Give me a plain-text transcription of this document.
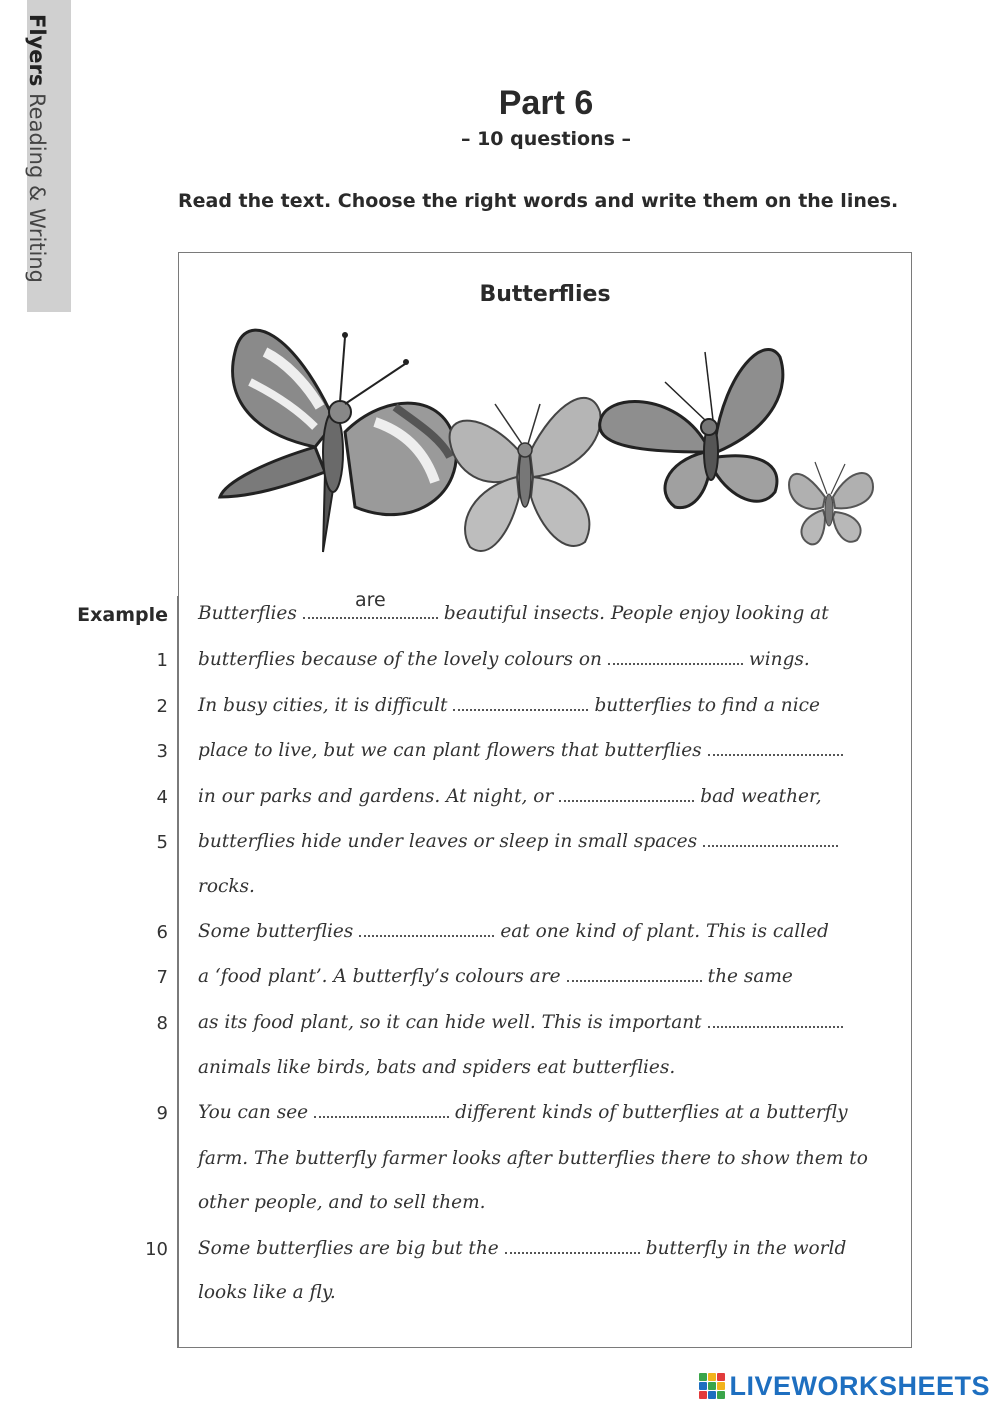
Flyers Reading & Writing	Part 6
– 10 questions –
Read the text. Choose the right words and write them on the lines.
Butterflies
Example Butterflies
are
beautiful insects. People enjoy looking at
1 butterflies because of the lovely colours on	wings.
2 In busy cities, it is difficult	butterflies to find a nice
3 place to live, but we can plant flowers that butterflies
4 in our parks and gardens. At night, or	bad weather,
5 butterflies hide under leaves or sleep in small spaces
rocks.
6 Some butterflies	eat one kind of plant. This is called
7 a ‘food plant’. A butterfly’s colours are	the same
8 as its food plant, so it can hide well. This is important
animals like birds, bats and spiders eat butterflies.
9 You can see	different kinds of butterflies at a butterfly
farm. The butterfly farmer looks after butterflies there to show them to
other people, and to sell them.
10 Some butterflies are big but the	butterfly in the world
looks like a fly.
LIVEWORKSHEETS
